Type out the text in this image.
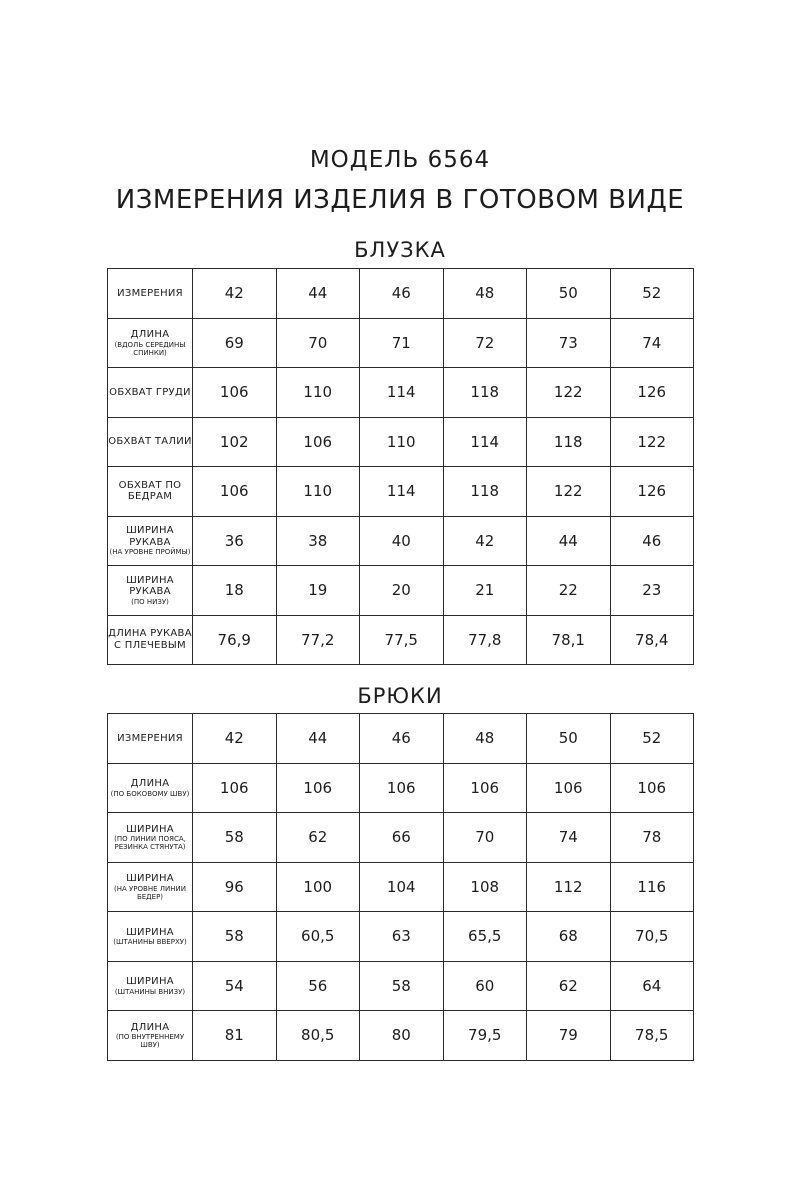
МОДЕЛЬ 6564
ИЗМЕРЕНИЯ ИЗДЕЛИЯ В ГОТОВОМ ВИДЕ
БЛУЗКА
ИЗМЕРЕНИЯ	42	44	46	48	50	52
ДЛИНА
(ВДОЛЬ СЕРЕДИНЫ СПИНКИ)	69	70	71	72	73	74
ОБХВАТ ГРУДИ	106	110	114	118	122	126
ОБХВАТ ТАЛИИ	102	106	110	114	118	122
ОБХВАТ ПО БЕДРАМ	106	110	114	118	122	126
ШИРИНА РУКАВА
(НА УРОВНЕ ПРОЙМЫ)	36	38	40	42	44	46
ШИРИНА РУКАВА
(ПО НИЗУ)	18	19	20	21	22	23
ДЛИНА РУКАВА С ПЛЕЧЕВЫМ	76,9	77,2	77,5	77,8	78,1	78,4
БРЮКИ
ИЗМЕРЕНИЯ	42	44	46	48	50	52
ДЛИНА
(ПО БОКОВОМУ ШВУ)	106	106	106	106	106	106
ШИРИНА
(ПО ЛИНИИ ПОЯСА, РЕЗИНКА СТЯНУТА)	58	62	66	70	74	78
ШИРИНА
(НА УРОВНЕ ЛИНИИ БЕДЕР)	96	100	104	108	112	116
ШИРИНА
(ШТАНИНЫ ВВЕРХУ)	58	60,5	63	65,5	68	70,5
ШИРИНА
(ШТАНИНЫ ВНИЗУ)	54	56	58	60	62	64
ДЛИНА
(ПО ВНУТРЕННЕМУ ШВУ)	81	80,5	80	79,5	79	78,5
